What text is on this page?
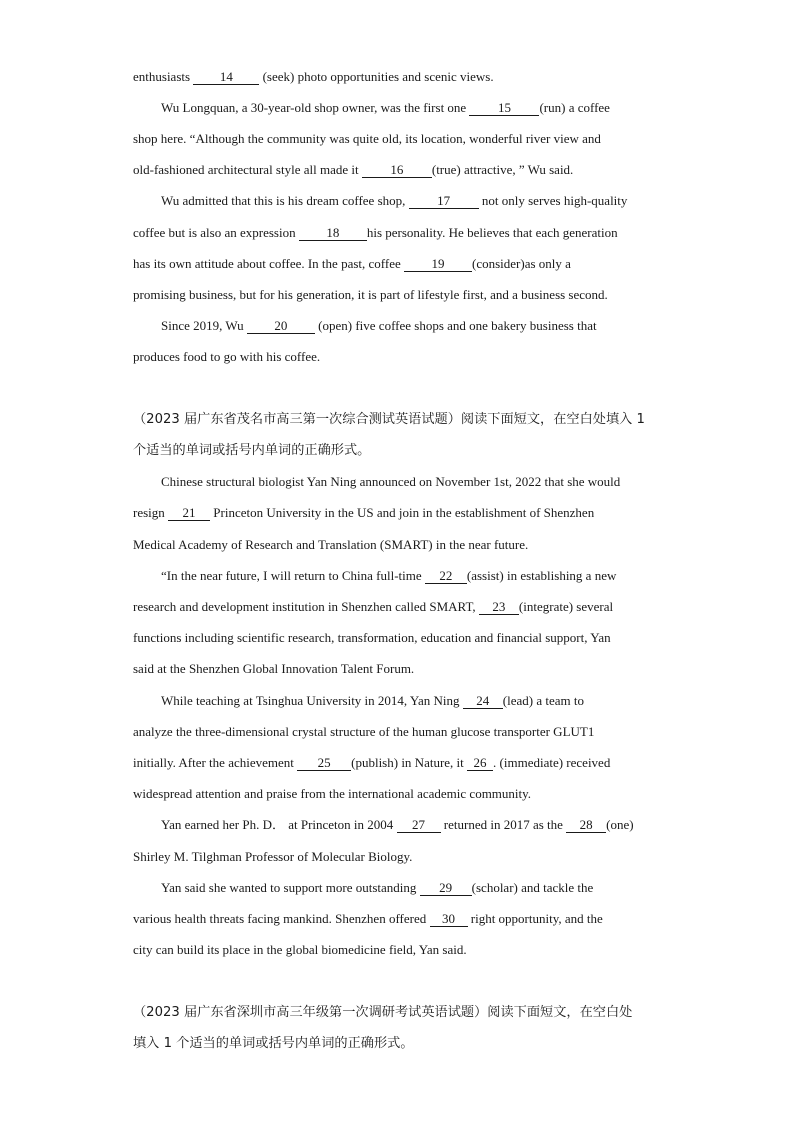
enthusiasts 14 (seek) photo opportunities and scenic views.
Wu Longquan, a 30-year-old shop owner, was the first one 15 (run) a coffee
shop here. “Although the community was quite old, its location, wonderful river view and
old-fashioned architectural style all made it 16 (true) attractive, ” Wu said.
Wu admitted that this is his dream coffee shop, 17 not only serves high-quality
coffee but is also an expression 18 his personality. He believes that each generation
has its own attitude about coffee. In the past, coffee 19 (consider)as only a
promising business, but for his generation, it is part of lifestyle first, and a business second.
Since 2019, Wu 20 (open) five coffee shops and one bakery business that
produces food to go with his coffee.
（2023 届广东省茂名市高三第一次综合测试英语试题）阅读下面短文，在空白处填入 1
个适当的单词或括号内单词的正确形式。
Chinese structural biologist Yan Ning announced on November 1st, 2022 that she would
resign 21 Princeton University in the US and join in the establishment of Shenzhen
Medical Academy of Research and Translation (SMART) in the near future.
“In the near future, I will return to China full-time 22 (assist) in establishing a new
research and development institution in Shenzhen called SMART, 23 (integrate) several
functions including scientific research, transformation, education and financial support, Yan
said at the Shenzhen Global Innovation Talent Forum.
While teaching at Tsinghua University in 2014, Yan Ning 24 (lead) a team to
analyze the three-dimensional crystal structure of the human glucose transporter GLUT1
initially. After the achievement 25 (publish) in Nature, it 26 . (immediate) received
widespread attention and praise from the international academic community.
Yan earned her Ph. D． at Princeton in 2004 27 returned in 2017 as the 28 (one)
Shirley M. Tilghman Professor of Molecular Biology.
Yan said she wanted to support more outstanding 29 (scholar) and tackle the
various health threats facing mankind. Shenzhen offered 30 right opportunity, and the
city can build its place in the global biomedicine field, Yan said.
（2023 届广东省深圳市高三年级第一次调研考试英语试题）阅读下面短文，在空白处
填入 1 个适当的单词或括号内单词的正确形式。
